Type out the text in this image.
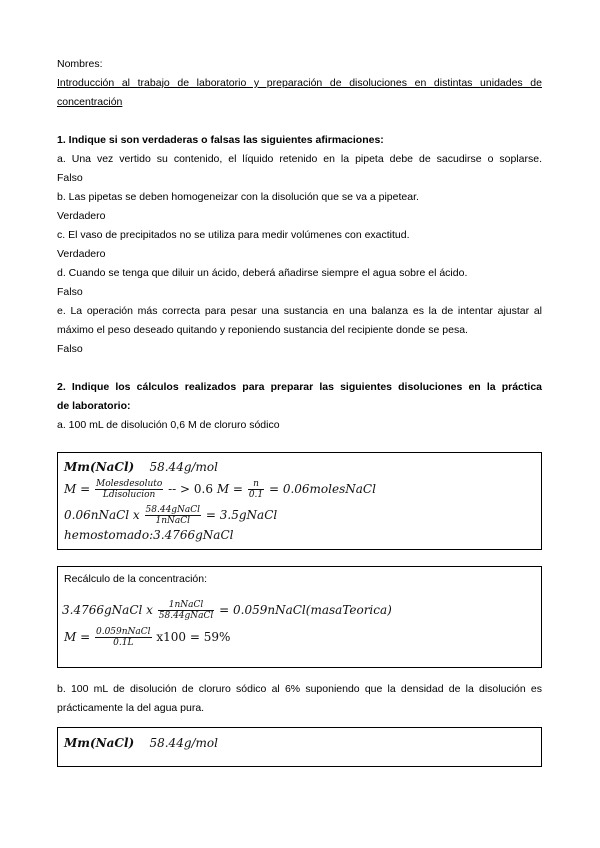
Nombres:
Introducción al trabajo de laboratorio y preparación de disoluciones en distintas unidades de
concentración
1. Indique si son verdaderas o falsas las siguientes afirmaciones:
a. Una vez vertido su contenido, el líquido retenido en la pipeta debe de sacudirse o soplarse.
Falso
b. Las pipetas se deben homogeneizar con la disolución que se va a pipetear.
Verdadero
c. El vaso de precipitados no se utiliza para medir volúmenes con exactitud.
Verdadero
d. Cuando se tenga que diluir un ácido, deberá añadirse siempre el agua sobre el ácido.
Falso
e. La operación más correcta para pesar una sustancia en una balanza es la de intentar ajustar al
máximo el peso deseado quitando y reponiendo sustancia del recipiente donde se pesa.
Falso
2. Indique los cálculos realizados para preparar las siguientes disoluciones en la práctica
de laboratorio:
a. 100 mL de disolución 0,6 M de cloruro sódico
Mm(NaCl) 58.44g/mol
$M = \frac{\text{Molesdesoluto}}{\text{Ldisolucion}}$ -- > 0.6 $M = \frac{n}{0.1}$ = 0.06molesNaCl
0.06nNaCl x $\frac{\text{58.44gNaCl}}{\text{1nNaCl}}$ = 3.5gNaCl
hemostomado:3.4766gNaCl
Recálculo de la concentración:
3.4766gNaCl x $\frac{\text{1nNaCl}}{\text{58.44gNaCl}}$ = 0.059nNaCl(masaTeorica)
$M = \frac{\text{0.059nNaCl}}{0.1L} x100 = 59\%$
b. 100 mL de disolución de cloruro sódico al 6% suponiendo que la densidad de la disolución es
prácticamente la del agua pura.
Mm(NaCl) 58.44g/mol
